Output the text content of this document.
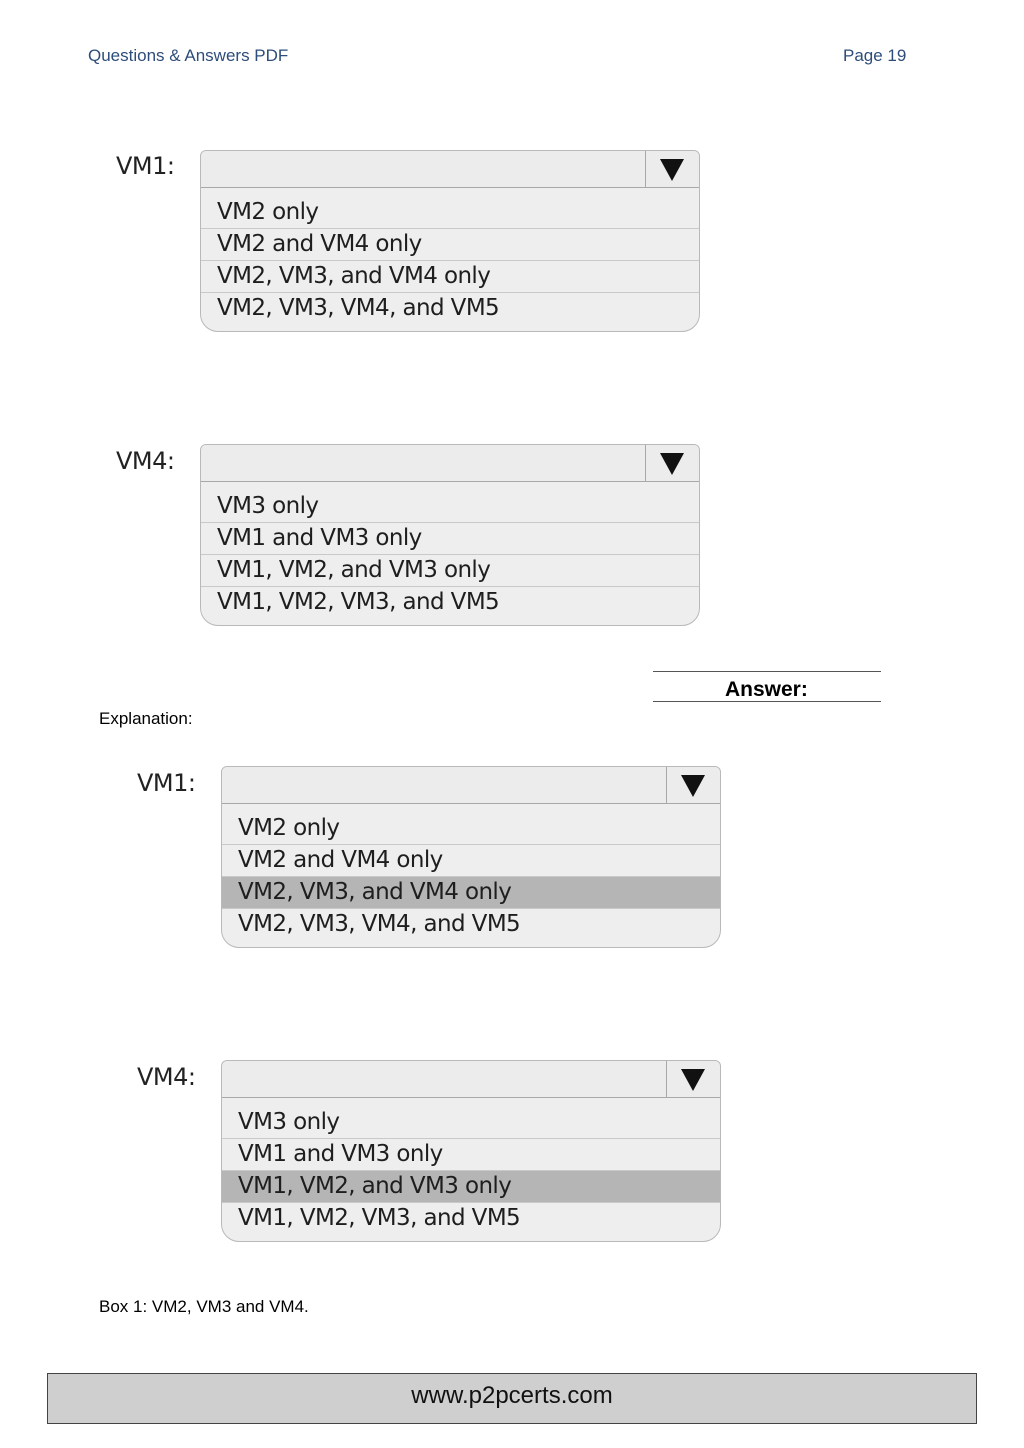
Questions & Answers PDF	Page 19
VM1:
VM2 only
VM2 and VM4 only
VM2, VM3, and VM4 only
VM2, VM3, VM4, and VM5
VM4:
VM3 only
VM1 and VM3 only
VM1, VM2, and VM3 only
VM1, VM2, VM3, and VM5
Answer:
Explanation:
VM1:
VM2 only
VM2 and VM4 only
VM2, VM3, and VM4 only
VM2, VM3, VM4, and VM5
VM4:
VM3 only
VM1 and VM3 only
VM1, VM2, and VM3 only
VM1, VM2, VM3, and VM5
Box 1: VM2, VM3 and VM4.
www.p2pcerts.com
